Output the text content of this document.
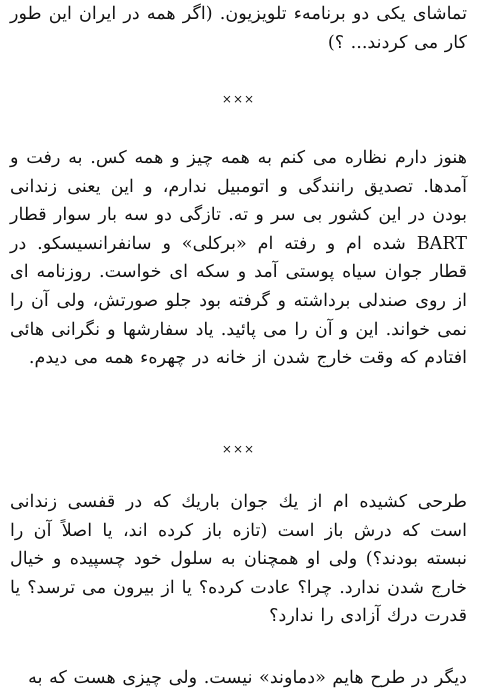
تماشای یکی دو برنامهء تلویزیون. (اگر همه در ایران این طور کار می کردند... ؟)
×××
هنوز دارم نظاره می کنم به همه چیز و همه کس. به رفت و آمدها. تصدیق رانندگی و اتومبیل ندارم، و این یعنی زندانی بودن در این کشور بی سر و ته. تازگی دو سه بار سوار قطار BART شده ام و رفته ام «برکلی» و سانفرانسیسکو. در قطار جوان سیاه پوستی آمد و سکه ای خواست. روزنامه ای از روی صندلی برداشته و گرفته بود جلو صورتش، ولی آن را نمی خواند. این و آن را می پائید. یاد سفارشها و نگرانی هائی افتادم که وقت خارج شدن از خانه در چهرهء همه می دیدم.
×××
طرحی کشیده ام از یك جوان باریك که در قفسی زندانی است که درش باز است (تازه باز کرده اند، یا اصلاً آن را نبسته بودند؟) ولی او همچنان به سلول خود چسپیده و خیال خارج شدن ندارد. چرا؟ عادت کرده؟ یا از بیرون می ترسد؟ یا قدرت درك آزادی را ندارد؟
دیگر در طرح هایم «دماوند» نیست. ولی چیزی هست که به
